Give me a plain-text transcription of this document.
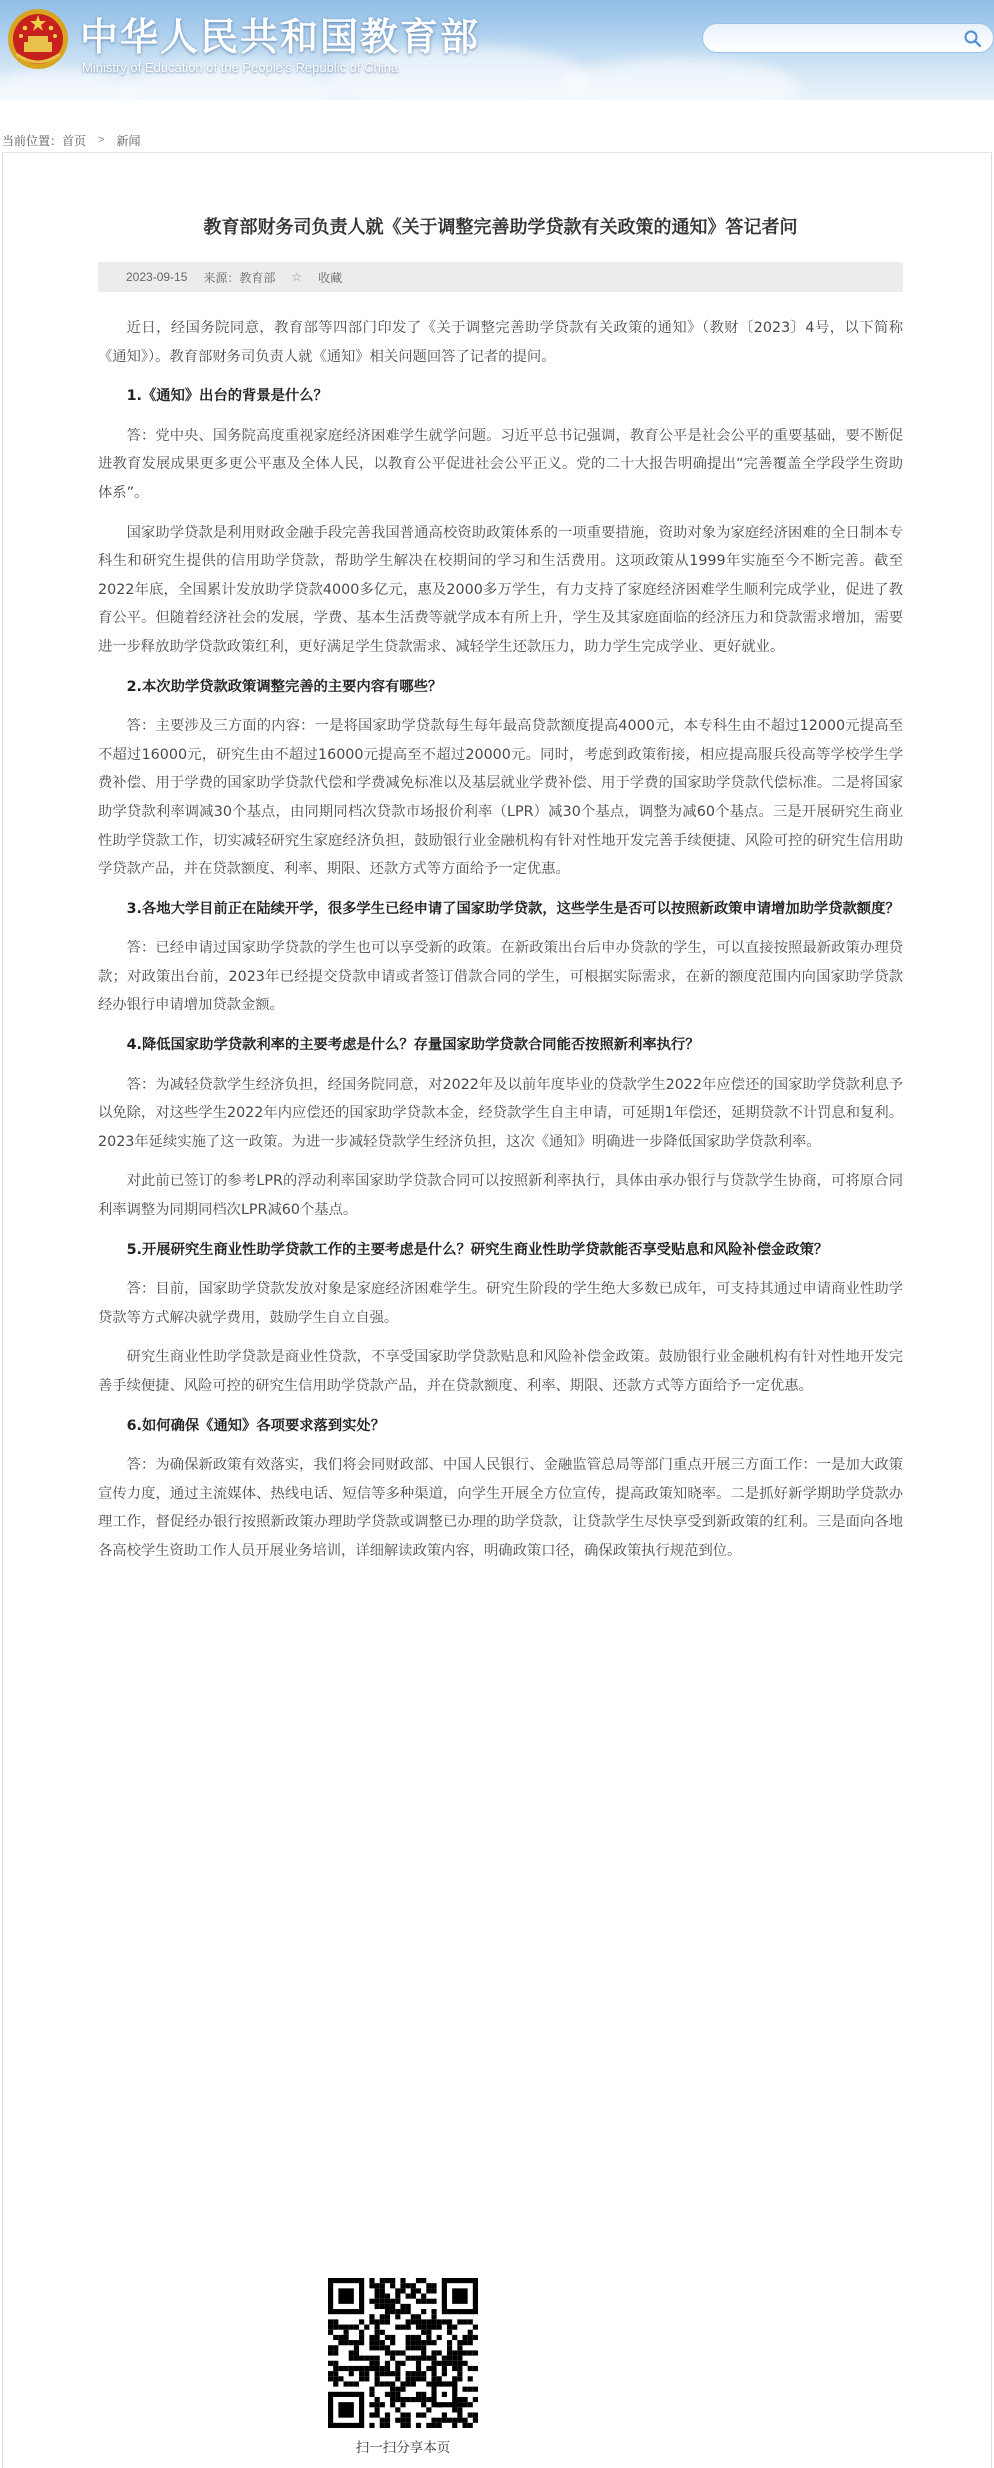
中华人民共和国教育部
Ministry of Education of the People's Republic of China
当前位置： 首页 > 新闻
教育部财务司负责人就《关于调整完善助学贷款有关政策的通知》答记者问
2023-09-15 来源：教育部 ☆ 收藏

近日，经国务院同意，教育部等四部门印发了《关于调整完善助学贷款有关政策的通知》（教财〔2023〕4号，以下简称《通知》）。教育部财务司负责人就《通知》相关问题回答了记者的提问。

1.《通知》出台的背景是什么？

答：党中央、国务院高度重视家庭经济困难学生就学问题。习近平总书记强调，教育公平是社会公平的重要基础，要不断促进教育发展成果更多更公平惠及全体人民，以教育公平促进社会公平正义。党的二十大报告明确提出“完善覆盖全学段学生资助体系”。

国家助学贷款是利用财政金融手段完善我国普通高校资助政策体系的一项重要措施，资助对象为家庭经济困难的全日制本专科生和研究生提供的信用助学贷款，帮助学生解决在校期间的学习和生活费用。这项政策从1999年实施至今不断完善。截至2022年底，全国累计发放助学贷款4000多亿元，惠及2000多万学生，有力支持了家庭经济困难学生顺利完成学业，促进了教育公平。但随着经济社会的发展，学费、基本生活费等就学成本有所上升，学生及其家庭面临的经济压力和贷款需求增加，需要进一步释放助学贷款政策红利，更好满足学生贷款需求、减轻学生还款压力，助力学生完成学业、更好就业。

2.本次助学贷款政策调整完善的主要内容有哪些？

答：主要涉及三方面的内容：一是将国家助学贷款每生每年最高贷款额度提高4000元，本专科生由不超过12000元提高至不超过16000元，研究生由不超过16000元提高至不超过20000元。同时，考虑到政策衔接，相应提高服兵役高等学校学生学费补偿、用于学费的国家助学贷款代偿和学费减免标准以及基层就业学费补偿、用于学费的国家助学贷款代偿标准。二是将国家助学贷款利率调减30个基点，由同期同档次贷款市场报价利率（LPR）减30个基点，调整为减60个基点。三是开展研究生商业性助学贷款工作，切实减轻研究生家庭经济负担，鼓励银行业金融机构有针对性地开发完善手续便捷、风险可控的研究生信用助学贷款产品，并在贷款额度、利率、期限、还款方式等方面给予一定优惠。

3.各地大学目前正在陆续开学，很多学生已经申请了国家助学贷款，这些学生是否可以按照新政策申请增加助学贷款额度？

答：已经申请过国家助学贷款的学生也可以享受新的政策。在新政策出台后申办贷款的学生，可以直接按照最新政策办理贷款；对政策出台前，2023年已经提交贷款申请或者签订借款合同的学生，可根据实际需求，在新的额度范围内向国家助学贷款经办银行申请增加贷款金额。

4.降低国家助学贷款利率的主要考虑是什么？存量国家助学贷款合同能否按照新利率执行？

答：为减轻贷款学生经济负担，经国务院同意，对2022年及以前年度毕业的贷款学生2022年应偿还的国家助学贷款利息予以免除，对这些学生2022年内应偿还的国家助学贷款本金，经贷款学生自主申请，可延期1年偿还，延期贷款不计罚息和复利。2023年延续实施了这一政策。为进一步减轻贷款学生经济负担，这次《通知》明确进一步降低国家助学贷款利率。

对此前已签订的参考LPR的浮动利率国家助学贷款合同可以按照新利率执行，具体由承办银行与贷款学生协商，可将原合同利率调整为同期同档次LPR减60个基点。

5.开展研究生商业性助学贷款工作的主要考虑是什么？研究生商业性助学贷款能否享受贴息和风险补偿金政策？

答：目前，国家助学贷款发放对象是家庭经济困难学生。研究生阶段的学生绝大多数已成年，可支持其通过申请商业性助学贷款等方式解决就学费用，鼓励学生自立自强。

研究生商业性助学贷款是商业性贷款，不享受国家助学贷款贴息和风险补偿金政策。鼓励银行业金融机构有针对性地开发完善手续便捷、风险可控的研究生信用助学贷款产品，并在贷款额度、利率、期限、还款方式等方面给予一定优惠。

6.如何确保《通知》各项要求落到实处？

答：为确保新政策有效落实，我们将会同财政部、中国人民银行、金融监管总局等部门重点开展三方面工作：一是加大政策宣传力度，通过主流媒体、热线电话、短信等多种渠道，向学生开展全方位宣传，提高政策知晓率。二是抓好新学期助学贷款办理工作，督促经办银行按照新政策办理助学贷款或调整已办理的助学贷款，让贷款学生尽快享受到新政策的红利。三是面向各地各高校学生资助工作人员开展业务培训，详细解读政策内容，明确政策口径，确保政策执行规范到位。

扫一扫分享本页
